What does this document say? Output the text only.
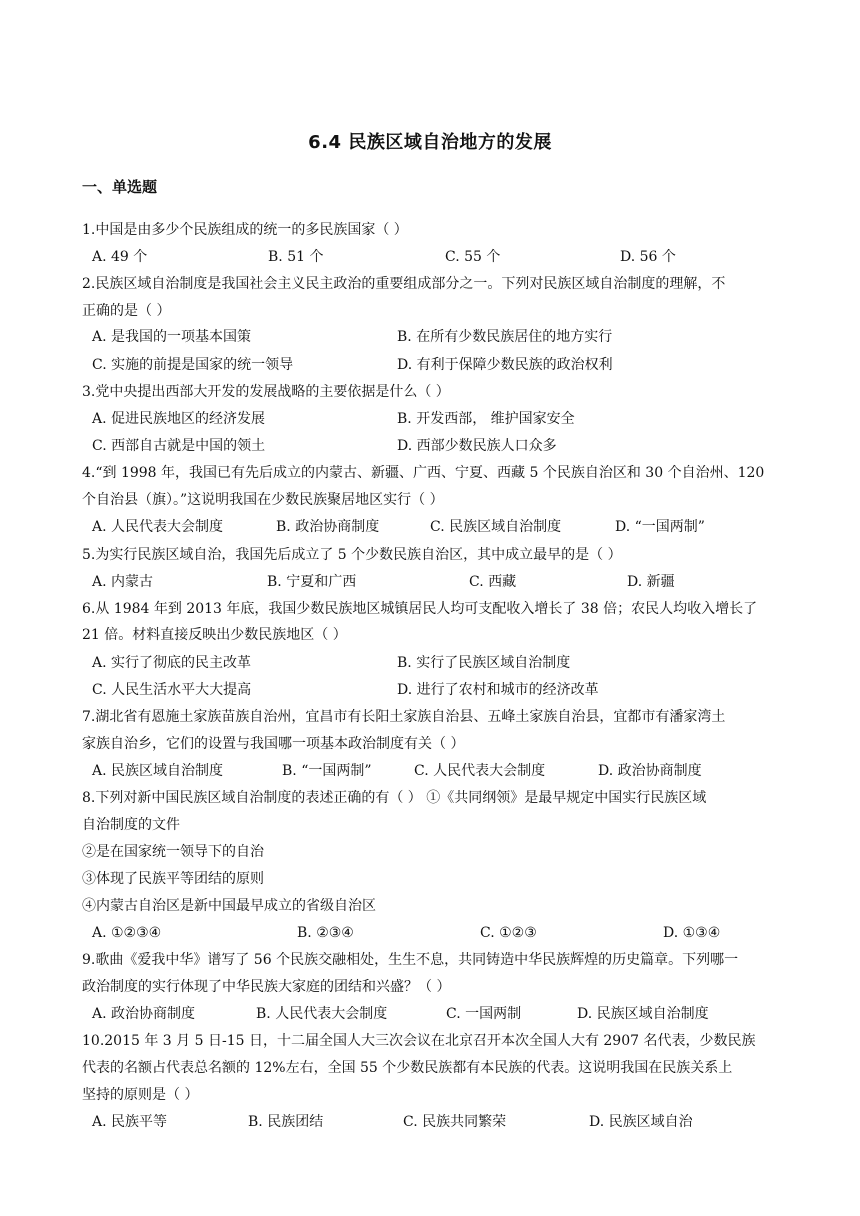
6.4 民族区域自治地方的发展
一、单选题
1.中国是由多少个民族组成的统一的多民族国家（ ）
A. 49 个	B. 51 个	C. 55 个	D. 56 个
2.民族区域自治制度是我国社会主义民主政治的重要组成部分之一。下列对民族区域自治制度的理解，不
正确的是（ ）
A. 是我国的一项基本国策	B. 在所有少数民族居住的地方实行
C. 实施的前提是国家的统一领导	D. 有利于保障少数民族的政治权利
3.党中央提出西部大开发的发展战略的主要依据是什么（ ）
A. 促进民族地区的经济发展	B. 开发西部， 维护国家安全
C. 西部自古就是中国的领土	D. 西部少数民族人口众多
4.“到 1998 年，我国已有先后成立的内蒙古、新疆、广西、宁夏、西藏 5 个民族自治区和 30 个自治州、120
个自治县（旗）。”这说明我国在少数民族聚居地区实行（ ）
A. 人民代表大会制度	B. 政治协商制度	C. 民族区域自治制度	D. “一国两制”
5.为实行民族区域自治，我国先后成立了 5 个少数民族自治区，其中成立最早的是（ ）
A. 内蒙古	B. 宁夏和广西	C. 西藏	D. 新疆
6.从 1984 年到 2013 年底，我国少数民族地区城镇居民人均可支配收入增长了 38 倍；农民人均收入增长了
21 倍。材料直接反映出少数民族地区（ ）
A. 实行了彻底的民主改革	B. 实行了民族区域自治制度
C. 人民生活水平大大提高	D. 进行了农村和城市的经济改革
7.湖北省有恩施土家族苗族自治州，宜昌市有长阳土家族自治县、五峰土家族自治县，宜都市有潘家湾土
家族自治乡，它们的设置与我国哪一项基本政治制度有关（ ）
A. 民族区域自治制度	B. “一国两制”	C. 人民代表大会制度	D. 政治协商制度
8.下列对新中国民族区域自治制度的表述正确的有（ ） ①《共同纲领》是最早规定中国实行民族区域
自治制度的文件
②是在国家统一领导下的自治
③体现了民族平等团结的原则
④内蒙古自治区是新中国最早成立的省级自治区
A. ①②③④	B. ②③④	C. ①②③	D. ①③④
9.歌曲《爱我中华》谱写了 56 个民族交融相处，生生不息，共同铸造中华民族辉煌的历史篇章。下列哪一
政治制度的实行体现了中华民族大家庭的团结和兴盛？（ ）
A. 政治协商制度	B. 人民代表大会制度	C. 一国两制	D. 民族区域自治制度
10.2015 年 3 月 5 日-15 日，十二届全国人大三次会议在北京召开本次全国人大有 2907 名代表，少数民族
代表的名额占代表总名额的 12%左右，全国 55 个少数民族都有本民族的代表。这说明我国在民族关系上
坚持的原则是（ ）
A. 民族平等	B. 民族团结	C. 民族共同繁荣	D. 民族区域自治
